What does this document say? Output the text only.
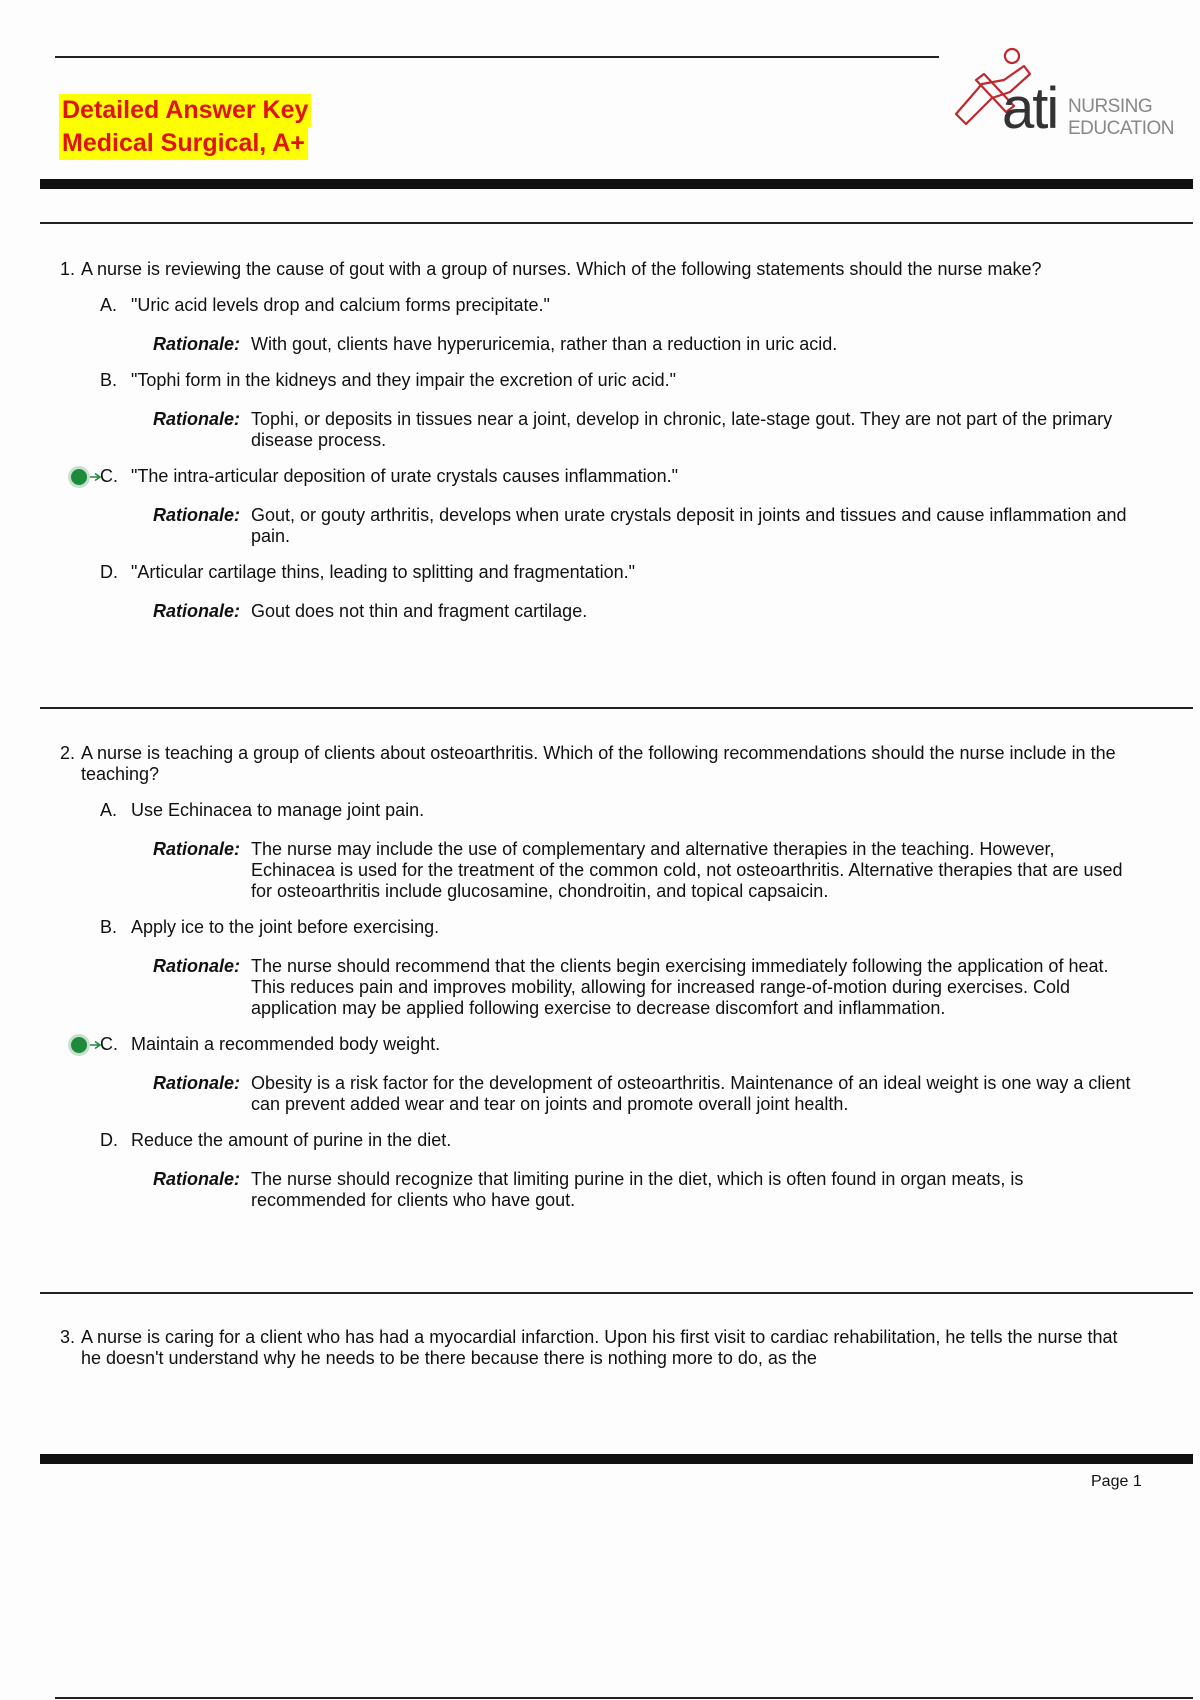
Detailed Answer Key
Medical Surgical, A+
ati NURSING
EDUCATION
1. A nurse is reviewing the cause of gout with a group of nurses. Which of the following statements should the nurse make?

A. "Uric acid levels drop and calcium forms precipitate."
Rationale: With gout, clients have hyperuricemia, rather than a reduction in uric acid.
B. "Tophi form in the kidneys and they impair the excretion of uric acid."
Rationale: Tophi, or deposits in tissues near a joint, develop in chronic, late-stage gout. They are not part of the primary disease process.
C. "The intra-articular deposition of urate crystals causes inflammation."
Rationale: Gout, or gouty arthritis, develops when urate crystals deposit in joints and tissues and cause inflammation and pain.
D. "Articular cartilage thins, leading to splitting and fragmentation."
Rationale: Gout does not thin and fragment cartilage.
2. A nurse is teaching a group of clients about osteoarthritis. Which of the following recommendations should the nurse include in the teaching?

A. Use Echinacea to manage joint pain.
Rationale: The nurse may include the use of complementary and alternative therapies in the teaching. However, Echinacea is used for the treatment of the common cold, not osteoarthritis. Alternative therapies that are used for osteoarthritis include glucosamine, chondroitin, and topical capsaicin.
B. Apply ice to the joint before exercising.
Rationale: The nurse should recommend that the clients begin exercising immediately following the application of heat. This reduces pain and improves mobility, allowing for increased range-of-motion during exercises. Cold application may be applied following exercise to decrease discomfort and inflammation.
C. Maintain a recommended body weight.
Rationale: Obesity is a risk factor for the development of osteoarthritis. Maintenance of an ideal weight is one way a client can prevent added wear and tear on joints and promote overall joint health.
D. Reduce the amount of purine in the diet.
Rationale: The nurse should recognize that limiting purine in the diet, which is often found in organ meats, is recommended for clients who have gout.
3. A nurse is caring for a client who has had a myocardial infarction. Upon his first visit to cardiac rehabilitation, he tells the nurse that he doesn't understand why he needs to be there because there is nothing more to do, as the

Page 1
